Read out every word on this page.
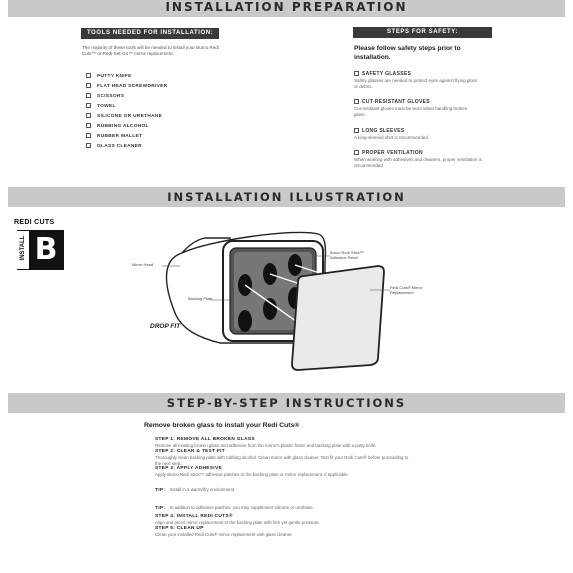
INSTALLATION PREPARATION
TOOLS NEEDED FOR INSTALLATION:
The majority of these tools will be needed to install your Burco Redi Cuts™ or Redi-Set-Go™ mirror replacement.
PUTTY KNIFE
FLAT HEAD SCREWDRIVER
SCISSORS
TOWEL
SILICONE OR URETHANE
RUBBING ALCOHOL
RUBBER MALLET
GLASS CLEANER
STEPS FOR SAFETY:
Please follow safety steps prior to installation.
SAFETY GLASSES
Safety glasses are needed to protect eyes against flying glass or debris.
CUT-RESISTANT GLOVES
Cut-resistant gloves must be worn when handling broken glass.
LONG SLEEVES
A long-sleeved shirt is recommended.
PROPER VENTILATION
When working with adhesives and cleaners, proper ventilation is recommended.
INSTALLATION ILLUSTRATION
REDI CUTS
INSTALL B	Mirror Head
Backing Plate
Burco Redi Stick™ Adhesive Patch
Redi Cuts® Mirror Replacement
DROP FIT
STEP-BY-STEP INSTRUCTIONS
Remove broken glass to install your Redi Cuts®
STEP 1: REMOVE ALL BROKEN GLASS
Remove all existing broken glass and adhesive from the mirror's plastic frame and backing plate with a putty knife.
STEP 2: CLEAN & TEST FIT
Thoroughly clean backing plate with rubbing alcohol. Clean mirror with glass cleaner. Test fit your Redi Cuts® before proceeding to the next step.
STEP 3: APPLY ADHESIVE
Apply Burco Redi Stick™ adhesive patches to the backing plate or mirror replacement, if applicable.
TIP: Install in a warm/dry environment.
TIP: In addition to adhesive patches, you may supplement silicone or urethane.
STEP 4: INSTALL REDI CUTS®
Align and press mirror replacement to the backing plate with firm yet gentle pressure.
STEP 5: CLEAN UP
Clean your installed Redi Cuts® mirror replacement with glass cleaner.
